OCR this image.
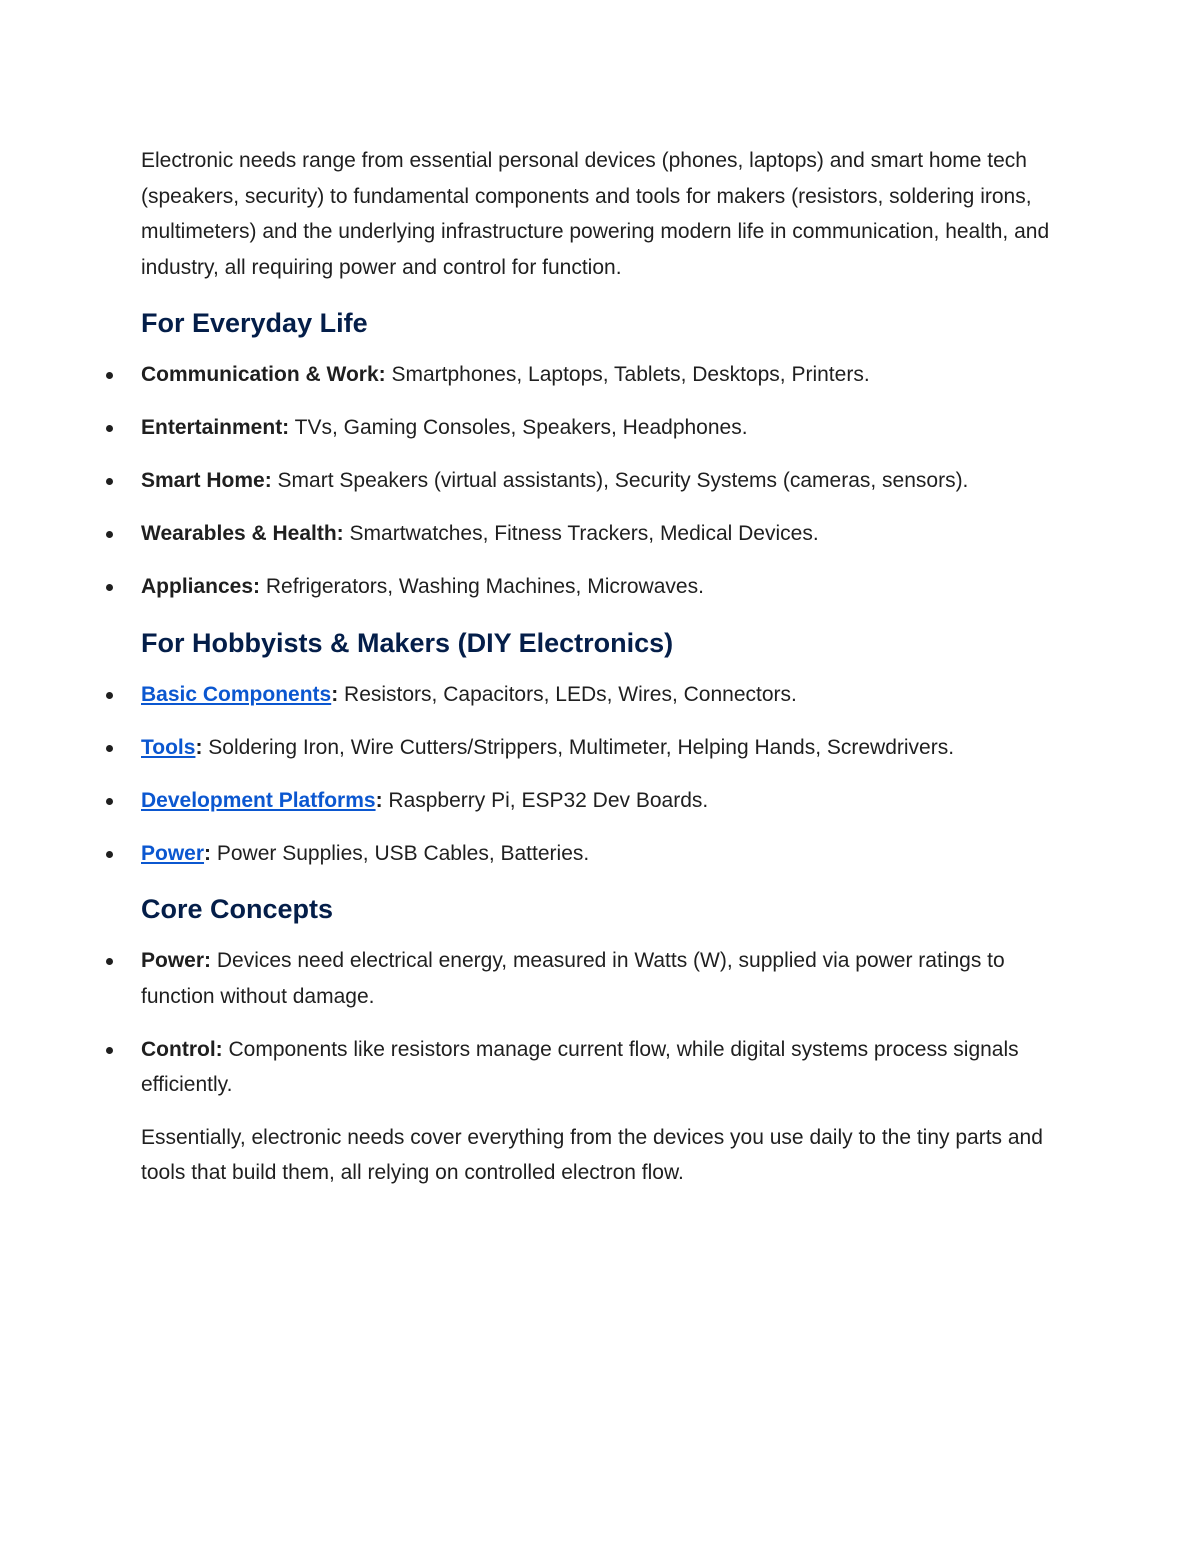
Electronic needs range from essential personal devices (phones, laptops) and smart home tech (speakers, security) to fundamental components and tools for makers (resistors, soldering irons, multimeters) and the underlying infrastructure powering modern life in communication, health, and industry, all requiring power and control for function.

For Everyday Life
Communication & Work: Smartphones, Laptops, Tablets, Desktops, Printers.
Entertainment: TVs, Gaming Consoles, Speakers, Headphones.
Smart Home: Smart Speakers (virtual assistants), Security Systems (cameras, sensors).
Wearables & Health: Smartwatches, Fitness Trackers, Medical Devices.
Appliances: Refrigerators, Washing Machines, Microwaves.
For Hobbyists & Makers (DIY Electronics)
Basic Components: Resistors, Capacitors, LEDs, Wires, Connectors.
Tools: Soldering Iron, Wire Cutters/Strippers, Multimeter, Helping Hands, Screwdrivers.
Development Platforms: Raspberry Pi, ESP32 Dev Boards.
Power: Power Supplies, USB Cables, Batteries.
Core Concepts
Power: Devices need electrical energy, measured in Watts (W), supplied via power ratings to function without damage.
Control: Components like resistors manage current flow, while digital systems process signals efficiently.

Essentially, electronic needs cover everything from the devices you use daily to the tiny parts and tools that build them, all relying on controlled electron flow.
